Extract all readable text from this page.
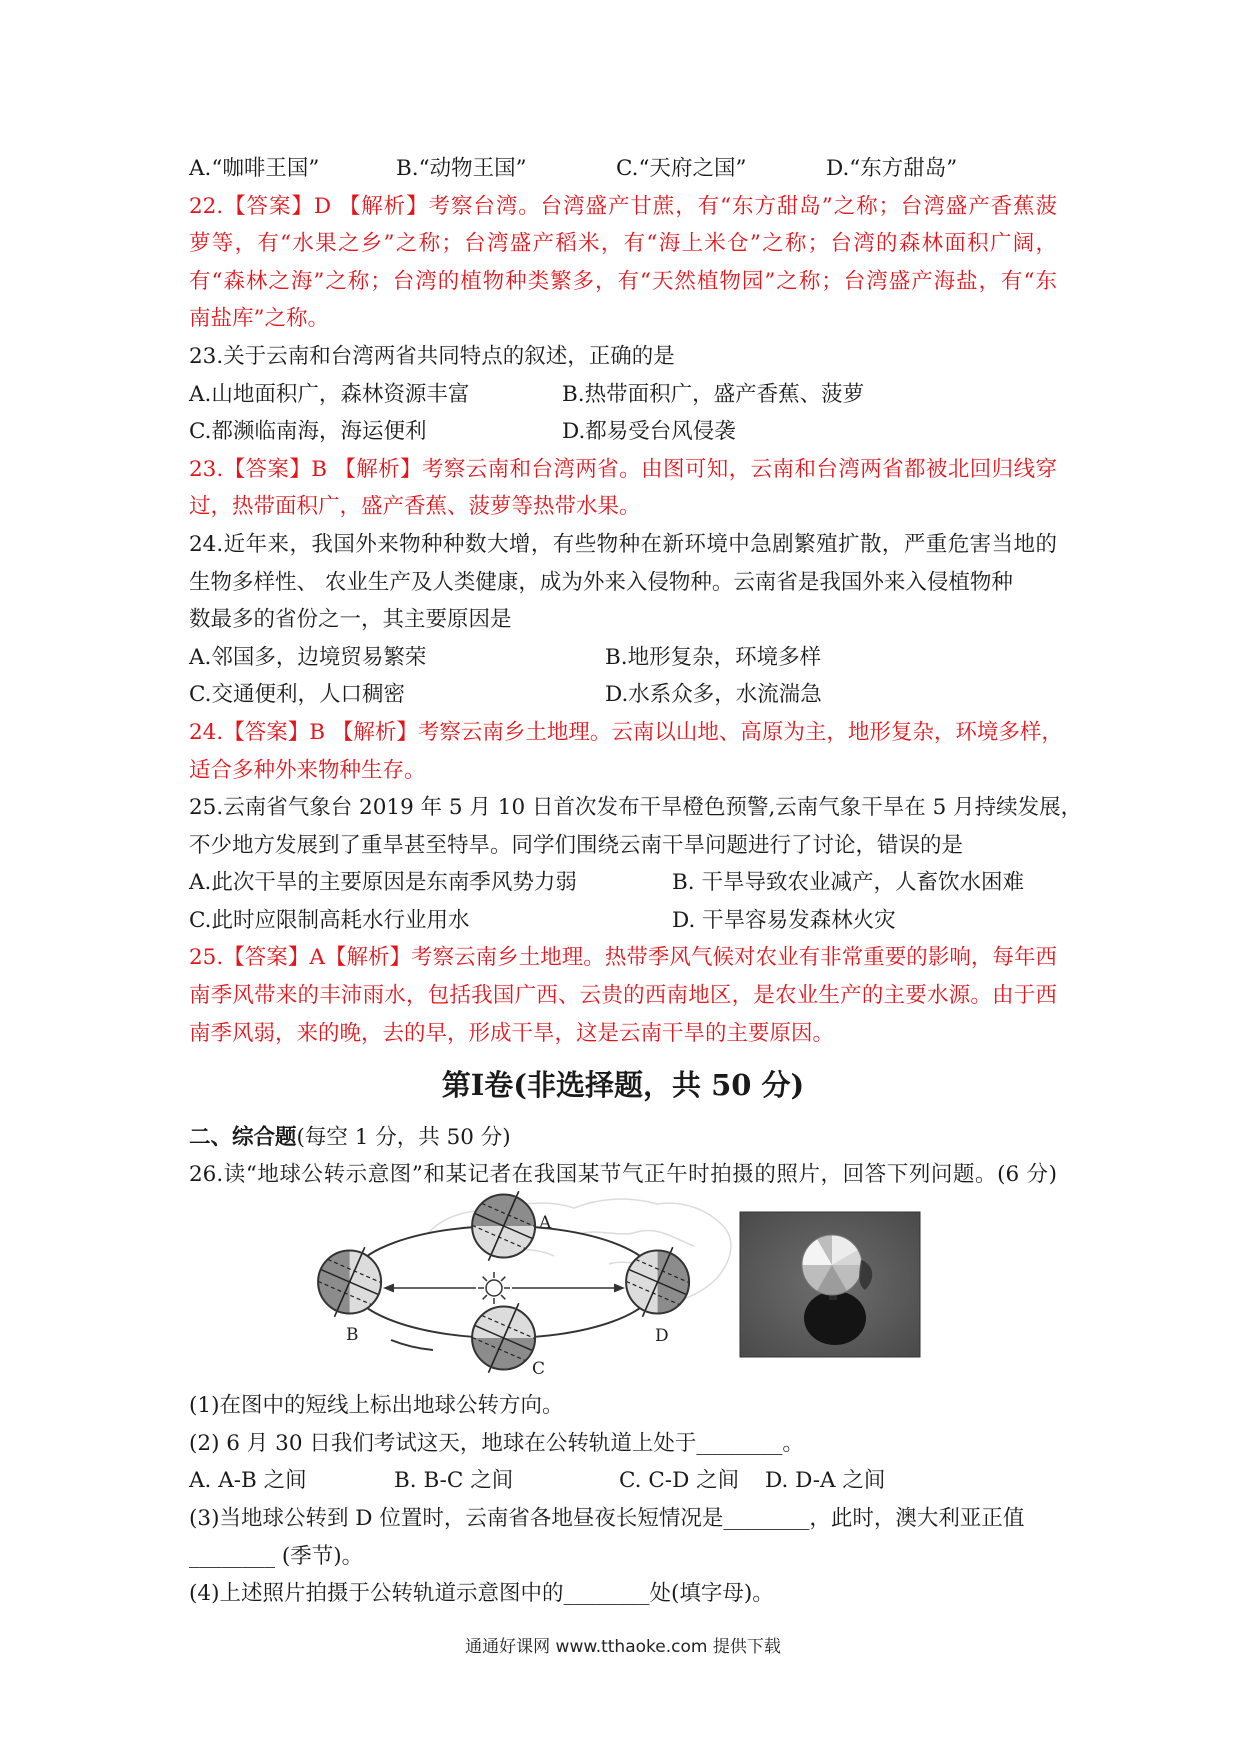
A.“咖啡王国”	B.“动物王国”	C.“天府之国”	D.“东方甜岛”
22.【答案】D 【解析】考察台湾。台湾盛产甘蔗，有“东方甜岛”之称；台湾盛产香蕉菠
萝等，有“水果之乡”之称；台湾盛产稻米，有“海上米仓”之称；台湾的森林面积广阔，
有“森林之海”之称；台湾的植物种类繁多，有“天然植物园”之称；台湾盛产海盐，有“东
南盐库”之称。
23.关于云南和台湾两省共同特点的叙述，正确的是
A.山地面积广，森林资源丰富	B.热带面积广，盛产香蕉、菠萝
C.都濒临南海，海运便利	D.都易受台风侵袭
23.【答案】B 【解析】考察云南和台湾两省。由图可知，云南和台湾两省都被北回归线穿
过，热带面积广，盛产香蕉、菠萝等热带水果。
24.近年来，我国外来物种种数大增，有些物种在新环境中急剧繁殖扩散，严重危害当地的
生物多样性、 农业生产及人类健康，成为外来入侵物种。云南省是我国外来入侵植物种
数最多的省份之一，其主要原因是
A.邻国多，边境贸易繁荣	B.地形复杂，环境多样
C.交通便利，人口稠密	D.水系众多，水流湍急
24.【答案】B 【解析】考察云南乡土地理。云南以山地、高原为主，地形复杂，环境多样，
适合多种外来物种生存。
25.云南省气象台 2019 年 5 月 10 日首次发布干旱橙色预警,云南气象干旱在 5 月持续发展，
不少地方发展到了重旱甚至特旱。同学们围绕云南干旱问题进行了讨论，错误的是
A.此次干旱的主要原因是东南季风势力弱	B. 干旱导致农业减产，人畜饮水困难
C.此时应限制高耗水行业用水	D. 干旱容易发森林火灾
25.【答案】A【解析】考察云南乡土地理。热带季风气候对农业有非常重要的影响，每年西
南季风带来的丰沛雨水，包括我国广西、云贵的西南地区，是农业生产的主要水源。由于西
南季风弱，来的晚，去的早，形成干旱，这是云南干旱的主要原因。
第Ⅰ卷(非选择题，共 50 分)
二、综合题(每空 1 分，共 50 分)
26.读“地球公转示意图”和某记者在我国某节气正午时拍摄的照片，回答下列问题。(6 分)
A
B
C
D
(1)在图中的短线上标出地球公转方向。
(2) 6 月 30 日我们考试这天，地球在公转轨道上处于________。
A. A-B 之间	B. B-C 之间	C. C-D 之间 D. D-A 之间
(3)当地球公转到 D 位置时，云南省各地昼夜长短情况是________，此时，澳大利亚正值
________ (季节)。
(4)上述照片拍摄于公转轨道示意图中的________处(填字母)。
通通好课网 www.tthaoke.com 提供下载
